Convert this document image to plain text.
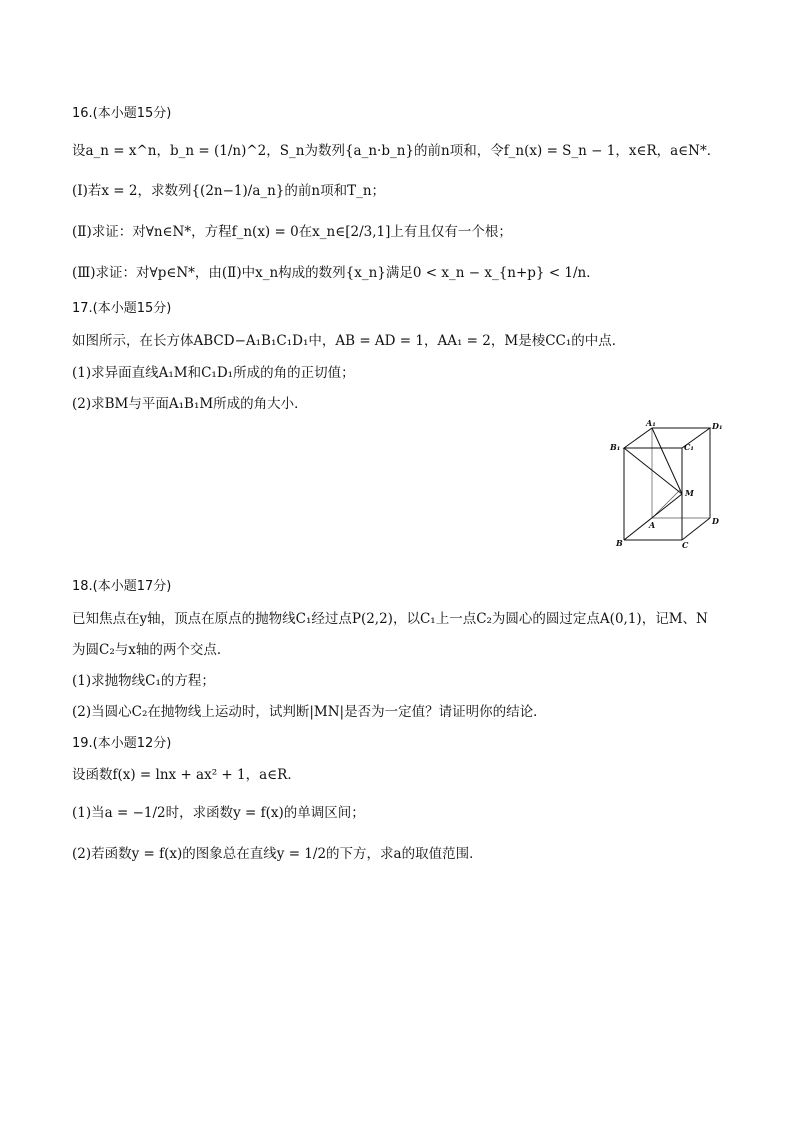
16.(本小题15分)
设a_n = x^n，b_n = (1/n)^2，S_n为数列{a_n·b_n}的前n项和，令f_n(x) = S_n − 1，x∈R，a∈N*．
(Ⅰ)若x = 2，求数列{(2n−1)/a_n}的前n项和T_n；
(Ⅱ)求证：对∀n∈N*，方程f_n(x) = 0在x_n∈[2/3,1]上有且仅有一个根；
(Ⅲ)求证：对∀p∈N*，由(Ⅱ)中x_n构成的数列{x_n}满足0 < x_n − x_{n+p} < 1/n．
17.(本小题15分)
如图所示，在长方体ABCD−A₁B₁C₁D₁中，AB = AD = 1，AA₁ = 2，M是棱CC₁的中点．
(1)求异面直线A₁M和C₁D₁所成的角的正切值；
(2)求BM与平面A₁B₁M所成的角大小．
A₁	D₁
B₁	C₁
M
A	D
B	C
18.(本小题17分)
已知焦点在y轴，顶点在原点的抛物线C₁经过点P(2,2)，以C₁上一点C₂为圆心的圆过定点A(0,1)，记M、N
为圆C₂与x轴的两个交点．
(1)求抛物线C₁的方程；
(2)当圆心C₂在抛物线上运动时，试判断|MN|是否为一定值？请证明你的结论．
19.(本小题12分)
设函数f(x) = lnx + ax² + 1，a∈R．
(1)当a = −1/2时，求函数y = f(x)的单调区间；
(2)若函数y = f(x)的图象总在直线y = 1/2的下方，求a的取值范围．
